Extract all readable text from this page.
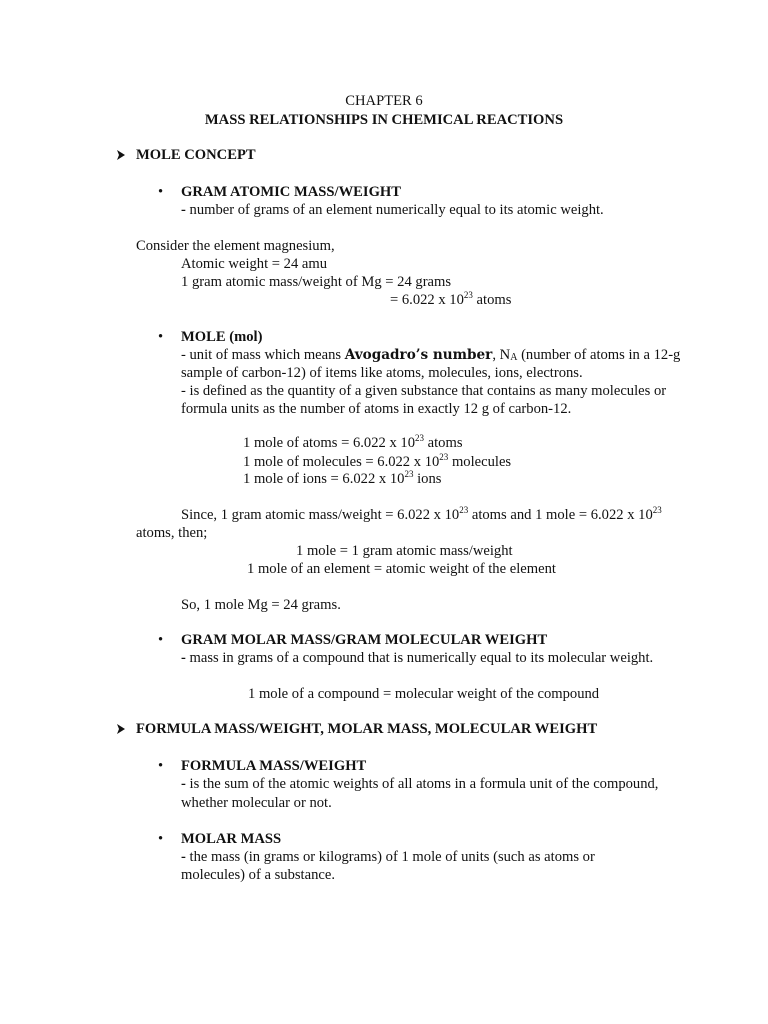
CHAPTER 6
MASS RELATIONSHIPS IN CHEMICAL REACTIONS
MOLE CONCEPT
• GRAM ATOMIC MASS/WEIGHT
- number of grams of an element numerically equal to its atomic weight.
Consider the element magnesium,
Atomic weight = 24 amu
1 gram atomic mass/weight of Mg = 24 grams
= 6.022 x $10^{23}$ atoms
• MOLE (mol)
- unit of mass which means Avogadro’s number, $N_A$ (number of atoms in a 12-g
sample of carbon-12) of items like atoms, molecules, ions, electrons.
- is defined as the quantity of a given substance that contains as many molecules or
formula units as the number of atoms in exactly 12 g of carbon-12.
1 mole of atoms = 6.022 x $10^{23}$ atoms
1 mole of molecules = 6.022 x $10^{23}$ molecules
1 mole of ions = 6.022 x $10^{23}$ ions
Since, 1 gram atomic mass/weight = 6.022 x $10^{23}$ atoms and 1 mole = 6.022 x $10^{23}$
atoms, then;
1 mole = 1 gram atomic mass/weight
1 mole of an element = atomic weight of the element
So, 1 mole Mg = 24 grams.
• GRAM MOLAR MASS/GRAM MOLECULAR WEIGHT
- mass in grams of a compound that is numerically equal to its molecular weight.
1 mole of a compound = molecular weight of the compound
FORMULA MASS/WEIGHT, MOLAR MASS, MOLECULAR WEIGHT
• FORMULA MASS/WEIGHT
- is the sum of the atomic weights of all atoms in a formula unit of the compound,
whether molecular or not.
• MOLAR MASS
- the mass (in grams or kilograms) of 1 mole of units (such as atoms or
molecules) of a substance.
